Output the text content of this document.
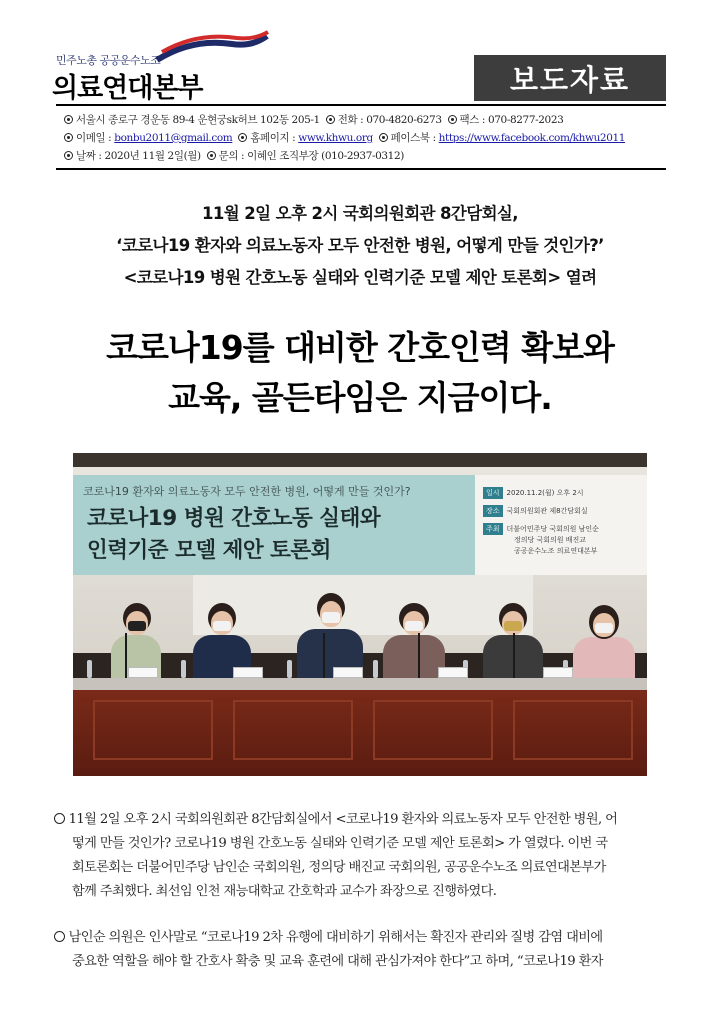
민주노총 공공운수노조
의료연대본부	보도자료
서울시 종로구 경운동 89-4 운현궁sk허브 102동 205-1 전화 : 070-4820-6273 팩스 : 070-8277-2023
이메일 : bonbu2011@gmail.com 홈페이지 : www.khwu.org 페이스북 : https://www.facebook.com/khwu2011
날짜 : 2020년 11월 2일(월) 문의 : 이혜인 조직부장 (010-2937-0312)
11월 2일 오후 2시 국회의원회관 8간담회실,
‘코로나19 환자와 의료노동자 모두 안전한 병원, 어떻게 만들 것인가?’
<코로나19 병원 간호노동 실태와 인력기준 모델 제안 토론회> 열려
코로나19를 대비한 간호인력 확보와
교육, 골든타임은 지금이다.
코로나19 환자와 의료노동자 모두 안전한 병원, 어떻게 만들 것인가?
코로나19 병원 간호노동 실태와
인력기준 모델 제안 토론회
일시 2020.11.2(월) 오후 2시
장소 국회의원회관 제8간담회실
주최 더불어민주당 국회의원 남인순
정의당 국회의원 배진교
공공운수노조 의료연대본부
11월 2일 오후 2시 국회의원회관 8간담회실에서 <코로나19 환자와 의료노동자 모두 안전한 병원, 어
떻게 만들 것인가? 코로나19 병원 간호노동 실태와 인력기준 모델 제안 토론회> 가 열렸다. 이번 국
회토론회는 더불어민주당 남인순 국회의원, 정의당 배진교 국회의원, 공공운수노조 의료연대본부가
함께 주최했다. 최선임 인천 재능대학교 간호학과 교수가 좌장으로 진행하였다.
남인순 의원은 인사말로 “코로나19 2차 유행에 대비하기 위해서는 확진자 관리와 질병 감염 대비에
중요한 역할을 해야 할 간호사 확충 및 교육 훈련에 대해 관심가져야 한다”고 하며, “코로나19 환자
